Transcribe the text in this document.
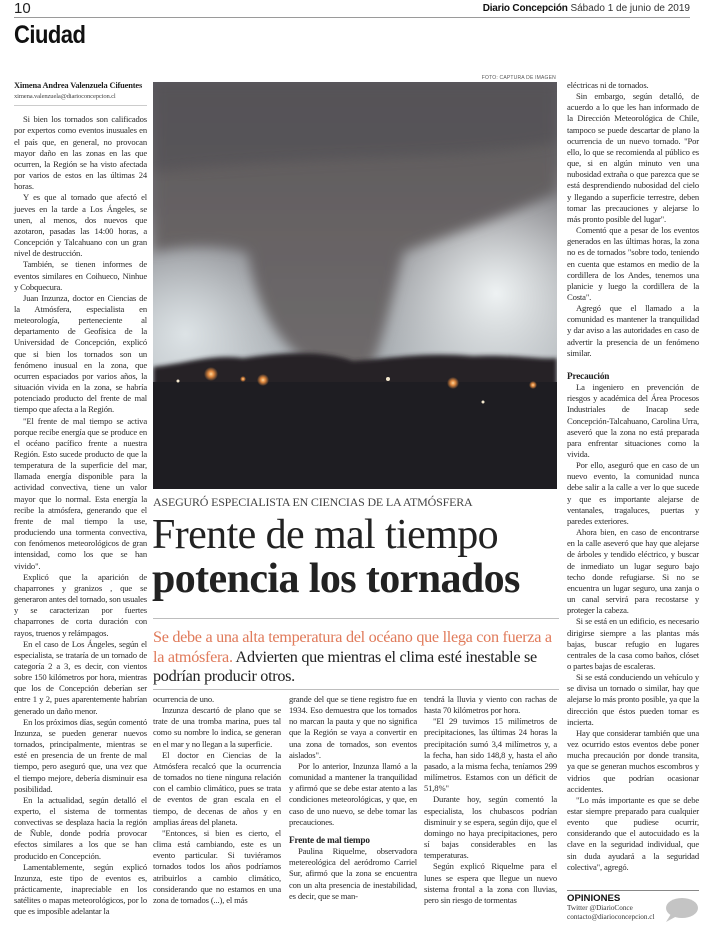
10	Diario Concepción Sábado 1 de junio de 2019
Ciudad
Ximena Andrea Valenzuela Cifuentes
ximena.valenzuela@diarioconcepcion.cl

Si bien los tornados son calificados por expertos como eventos inusuales en el país que, en general, no provocan mayor daño en las zonas en las que ocurren, la Región se ha visto afectada por varios de estos en las últimas 24 horas.

Y es que al tornado que afectó el jueves en la tarde a Los Ángeles, se unen, al menos, dos nuevos que azotaron, pasadas las 14:00 horas, a Concepción y Talcahuano con un gran nivel de destrucción.

También, se tienen informes de eventos similares en Coihueco, Ninhue y Cobquecura.

Juan Inzunza, doctor en Ciencias de la Atmósfera, especialista en meteorología, perteneciente al departamento de Geofísica de la Universidad de Concepción, explicó que si bien los tornados son un fenómeno inusual en la zona, que ocurren espaciados por varios años, la situación vivida en la zona, se habría potenciado producto del frente de mal tiempo que afecta a la Región.

"El frente de mal tiempo se activa porque recibe energía que se produce en el océano pacífico frente a nuestra Región. Esto sucede producto de que la temperatura de la superficie del mar, llamada energía disponible para la actividad convectiva, tiene un valor mayor que lo normal. Esta energía la recibe la atmósfera, generando que el frente de mal tiempo la use, produciendo una tormenta convectiva, con fenómenos meteorológicos de gran intensidad, como los que se han vivido".

Explicó que la aparición de chaparrones y granizos , que se generaron antes del tornado, son usuales y se caracterizan por fuertes chaparrones de corta duración con rayos, truenos y relámpagos.

En el caso de Los Ángeles, según el especialista, se trataría de un tornado de categoría 2 a 3, es decir, con vientos sobre 150 kilómetros por hora, mientras que los de Concepción deberían ser entre 1 y 2, pues aparentemente habrían generado un daño menor.

En los próximos días, según comentó Inzunza, se pueden generar nuevos tornados, principalmente, mientras se esté en presencia de un frente de mal tiempo, pero aseguró que, una vez que el tiempo mejore, debería disminuir esa posibilidad.

En la actualidad, según detalló el experto, el sistema de tormentas convectivas se desplaza hacia la región de Ñuble, donde podría provocar efectos similares a los que se han producido en Concepción.

Lamentablemente, según explicó Inzunza, este tipo de eventos es, prácticamente, inapreciable en los satélites o mapas meteorológicos, por lo que es imposible adelantar la

FOTO: CAPTURA DE IMAGEN
ASEGURÓ ESPECIALISTA EN CIENCIAS DE LA ATMÓSFERA
Frente de mal tiempo
potencia los tornados
Se debe a una alta temperatura del océano que llega con fuerza a la atmósfera. Advierten que mientras el clima esté inestable se podrían producir otros.

ocurrencia de uno.

Inzunza descartó de plano que se trate de una tromba marina, pues tal como su nombre lo indica, se generan en el mar y no llegan a la superficie.

El doctor en Ciencias de la Atmósfera recalcó que la ocurrencia de tornados no tiene ninguna relación con el cambio climático, pues se trata de eventos de gran escala en el tiempo, de decenas de años y en amplias áreas del planeta.

"Entonces, si bien es cierto, el clima está cambiando, este es un evento particular. Si tuviéramos tornados todos los años podríamos atribuirlos a cambio climático, considerando que no estamos en una zona de tornados (...), el más

grande del que se tiene registro fue en 1934. Eso demuestra que los tornados no marcan la pauta y que no significa que la Región se vaya a convertir en una zona de tornados, son eventos aislados".

Por lo anterior, Inzunza llamó a la comunidad a mantener la tranquilidad y afirmó que se debe estar atento a las condiciones meteorológicas, y que, en caso de uno nuevo, se debe tomar las precauciones.

Frente de mal tiempo

Paulina Riquelme, observadora metereológica del aeródromo Carriel Sur, afirmó que la zona se encuentra con un alta presencia de inestabilidad, es decir, que se man-

tendrá la lluvia y viento con rachas de hasta 70 kilómetros por hora.

"El 29 tuvimos 15 milímetros de precipitaciones, las últimas 24 horas la precipitación sumó 3,4 milímetros y, a la fecha, han sido 148,8 y, hasta el año pasado, a la misma fecha, teníamos 299 milímetros. Estamos con un déficit de 51,8%"

Durante hoy, según comentó la especialista, los chubascos podrían disminuir y se espera, según dijo, que el domingo no haya precipitaciones, pero sí bajas considerables en las temperaturas.

Según explicó Riquelme para el lunes se espera que llegue un nuevo sistema frontal a la zona con lluvias, pero sin riesgo de tormentas

eléctricas ni de tornados.

Sin embargo, según detalló, de acuerdo a lo que les han informado de la Dirección Meteorológica de Chile, tampoco se puede descartar de plano la ocurrencia de un nuevo tornado. "Por ello, lo que se recomienda al público es que, si en algún minuto ven una nubosidad extraña o que parezca que se está desprendiendo nubosidad del cielo y llegando a superficie terrestre, deben tomar las precauciones y alejarse lo más pronto posible del lugar".

Comentó que a pesar de los eventos generados en las últimas horas, la zona no es de tornados "sobre todo, teniendo en cuenta que estamos en medio de la cordillera de los Andes, tenemos una planicie y luego la cordillera de la Costa".

Agregó que el llamado a la comunidad es mantener la tranquilidad y dar aviso a las autoridades en caso de advertir la presencia de un fenómeno similar.

Precaución

La ingeniero en prevención de riesgos y académica del Área Procesos Industriales de Inacap sede Concepción-Talcahuano, Carolina Urra, aseveró que la zona no está preparada para enfrentar situaciones como la vivida.

Por ello, aseguró que en caso de un nuevo evento, la comunidad nunca debe salir a la calle a ver lo que sucede y que es importante alejarse de ventanales, tragaluces, puertas y paredes exteriores.

Ahora bien, en caso de encontrarse en la calle aseveró que hay que alejarse de árboles y tendido eléctrico, y buscar de inmediato un lugar seguro bajo techo donde refugiarse. Si no se encuentra un lugar seguro, una zanja o un canal servirá para recostarse y proteger la cabeza.

Si se está en un edificio, es necesario dirigirse siempre a las plantas más bajas, buscar refugio en lugares centrales de la casa como baños, clóset o partes bajas de escaleras.

Si se está conduciendo un vehículo y se divisa un tornado o similar, hay que alejarse lo más pronto posible, ya que la dirección que éstos pueden tomar es incierta.

Hay que considerar también que una vez ocurrido estos eventos debe poner mucha precaución por donde transita, ya que se generan muchos escombros y vidrios que podrían ocasionar accidentes.

"Lo más importante es que se debe estar siempre preparado para cualquier evento que pudiese ocurrir, considerando que el autocuidado es la clave en la seguridad individual, que sin duda ayudará a la seguridad colectiva", agregó.

OPINIONES
Twitter @DiarioConce
contacto@diarioconcepcion.cl
